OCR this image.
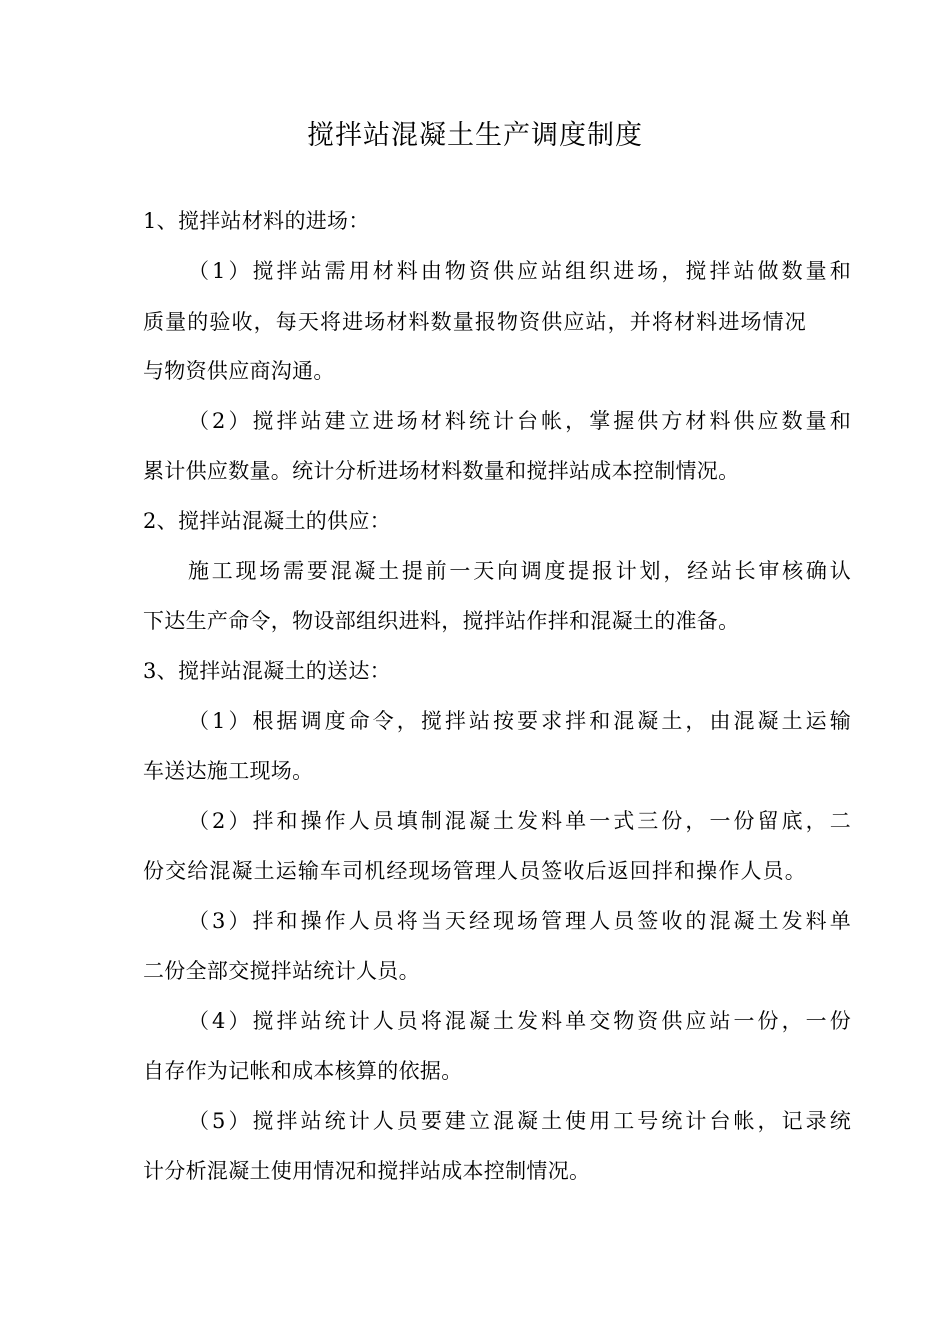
搅拌站混凝土生产调度制度
1、搅拌站材料的进场：
（1）搅拌站需用材料由物资供应站组织进场，搅拌站做数量和
质量的验收，每天将进场材料数量报物资供应站，并将材料进场情况
与物资供应商沟通。
（2）搅拌站建立进场材料统计台帐，掌握供方材料供应数量和
累计供应数量。统计分析进场材料数量和搅拌站成本控制情况。
2、搅拌站混凝土的供应：
施工现场需要混凝土提前一天向调度提报计划，经站长审核确认
下达生产命令，物设部组织进料，搅拌站作拌和混凝土的准备。
3、搅拌站混凝土的送达：
（1）根据调度命令，搅拌站按要求拌和混凝土，由混凝土运输
车送达施工现场。
（2）拌和操作人员填制混凝土发料单一式三份，一份留底，二
份交给混凝土运输车司机经现场管理人员签收后返回拌和操作人员。
（3）拌和操作人员将当天经现场管理人员签收的混凝土发料单
二份全部交搅拌站统计人员。
（4）搅拌站统计人员将混凝土发料单交物资供应站一份，一份
自存作为记帐和成本核算的依据。
（5）搅拌站统计人员要建立混凝土使用工号统计台帐，记录统
计分析混凝土使用情况和搅拌站成本控制情况。
